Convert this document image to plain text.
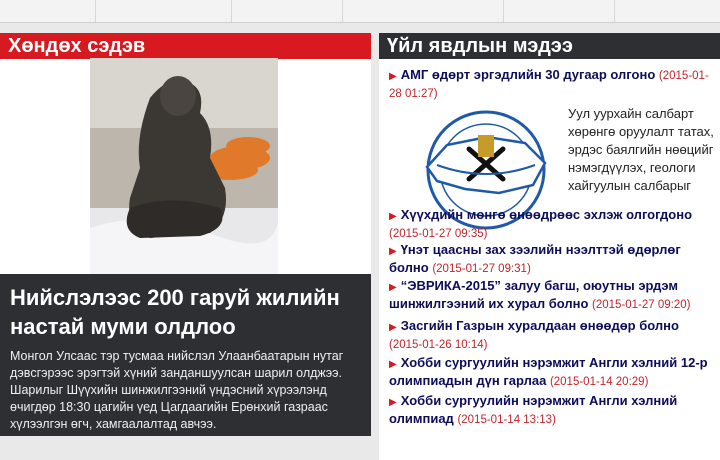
Хөндөх сэдэв
Нийслэлээс 200 гаруй жилийн настай муми олдлоо
Монгол Улсаас тэр тусмаа нийслэл Улаанбаатарын нутаг дэвсгэрээс эрэгтэй хүний занданшуулсан шарил олджээ. Шарилыг Шүүхийн шинжилгээний үндэсний хүрээлэнд өчигдөр 18:30 цагийн үед Цагдаагийн Ерөнхий газраас хүлээлгэн өгч, хамгаалалтад авчээ.
Үйл явдлын мэдээ
▶ АМГ өдөрт эргэдлийн 30 дугаар олгоно (2015-01-28 01:27)
Уул уурхайн салбарт хөрөнгө оруулалт татах, эрдэс баялгийн нөөцийг нэмэгдүүлэх, геологи хайгуулын салбарыг
▶ Хүүхдийн мөнгө өнөөдрөөс эхлэж олгогдоно (2015-01-27 09:35)
▶ Үнэт цаасны зах зээлийн нээлттэй өдөрлөг болно (2015-01-27 09:31)
▶ “ЭВРИКА-2015” залуу багш, оюутны эрдэм шинжилгээний их хурал болно (2015-01-27 09:20)
▶ Засгийн Газрын хуралдаан өнөөдөр болно (2015-01-26 10:14)
▶ Хобби сургуулийн нэрэмжит Англи хэлний 12-р олимпиадын дүн гарлаа (2015-01-14 20:29)
▶ Хобби сургуулийн нэрэмжит Англи хэлний олимпиад (2015-01-14 13:13)
